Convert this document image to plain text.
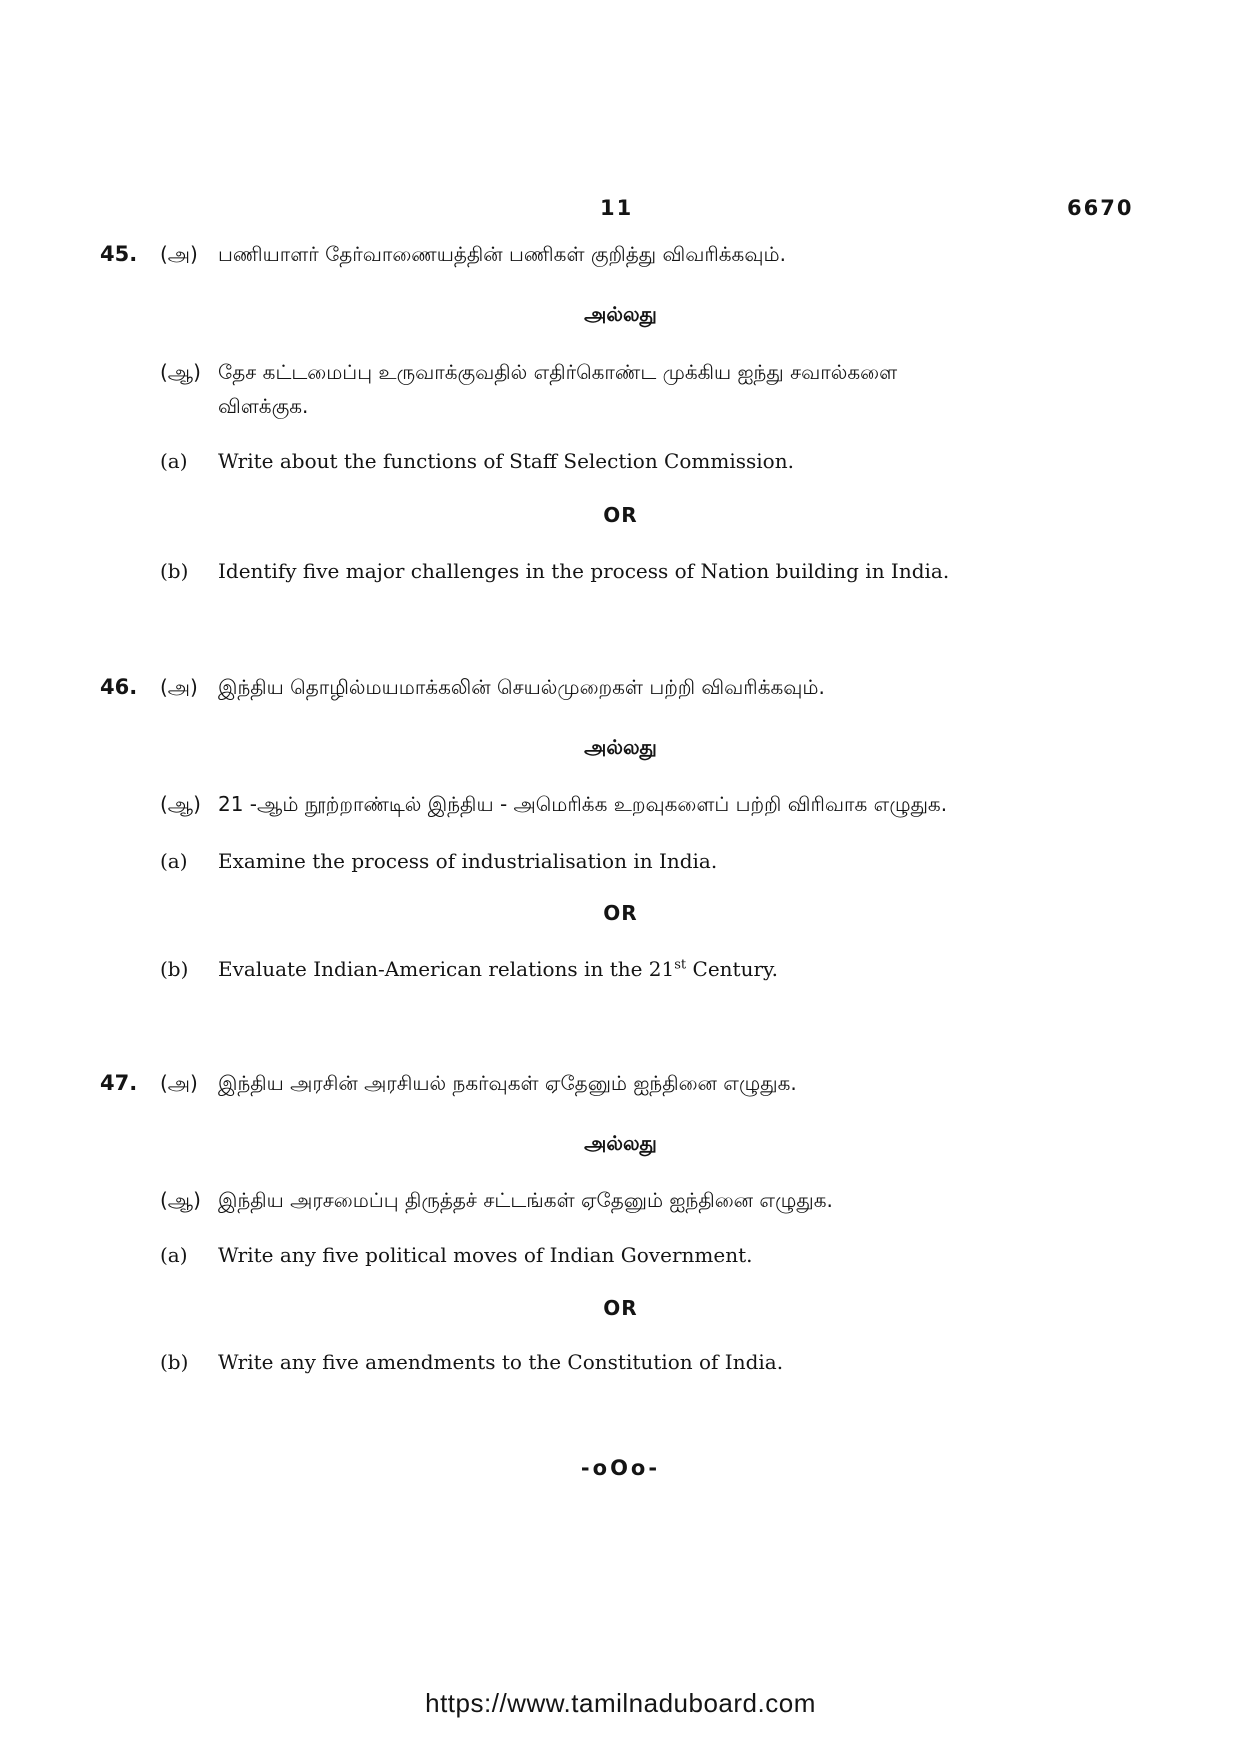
11	6670
45. (அ) பணியாளர் தேர்வாணையத்தின் பணிகள் குறித்து விவரிக்கவும்.
அல்லது
(ஆ) தேச கட்டமைப்பு உருவாக்குவதில் எதிர்கொண்ட முக்கிய ஐந்து சவால்களை
விளக்குக.
(a) Write about the functions of Staff Selection Commission.
OR
(b) Identify five major challenges in the process of Nation building in India.
46. (அ) இந்திய தொழில்மயமாக்கலின் செயல்முறைகள் பற்றி விவரிக்கவும்.
அல்லது
(ஆ) 21 -ஆம் நூற்றாண்டில் இந்திய - அமெரிக்க உறவுகளைப் பற்றி விரிவாக எழுதுக.
(a) Examine the process of industrialisation in India.
OR
(b) Evaluate Indian-American relations in the 21st Century.
47. (அ) இந்திய அரசின் அரசியல் நகர்வுகள் ஏதேனும் ஐந்தினை எழுதுக.
அல்லது
(ஆ) இந்திய அரசமைப்பு திருத்தச் சட்டங்கள் ஏதேனும் ஐந்தினை எழுதுக.
(a) Write any five political moves of Indian Government.
OR
(b) Write any five amendments to the Constitution of India.
-oOo-
https://www.tamilnaduboard.com
